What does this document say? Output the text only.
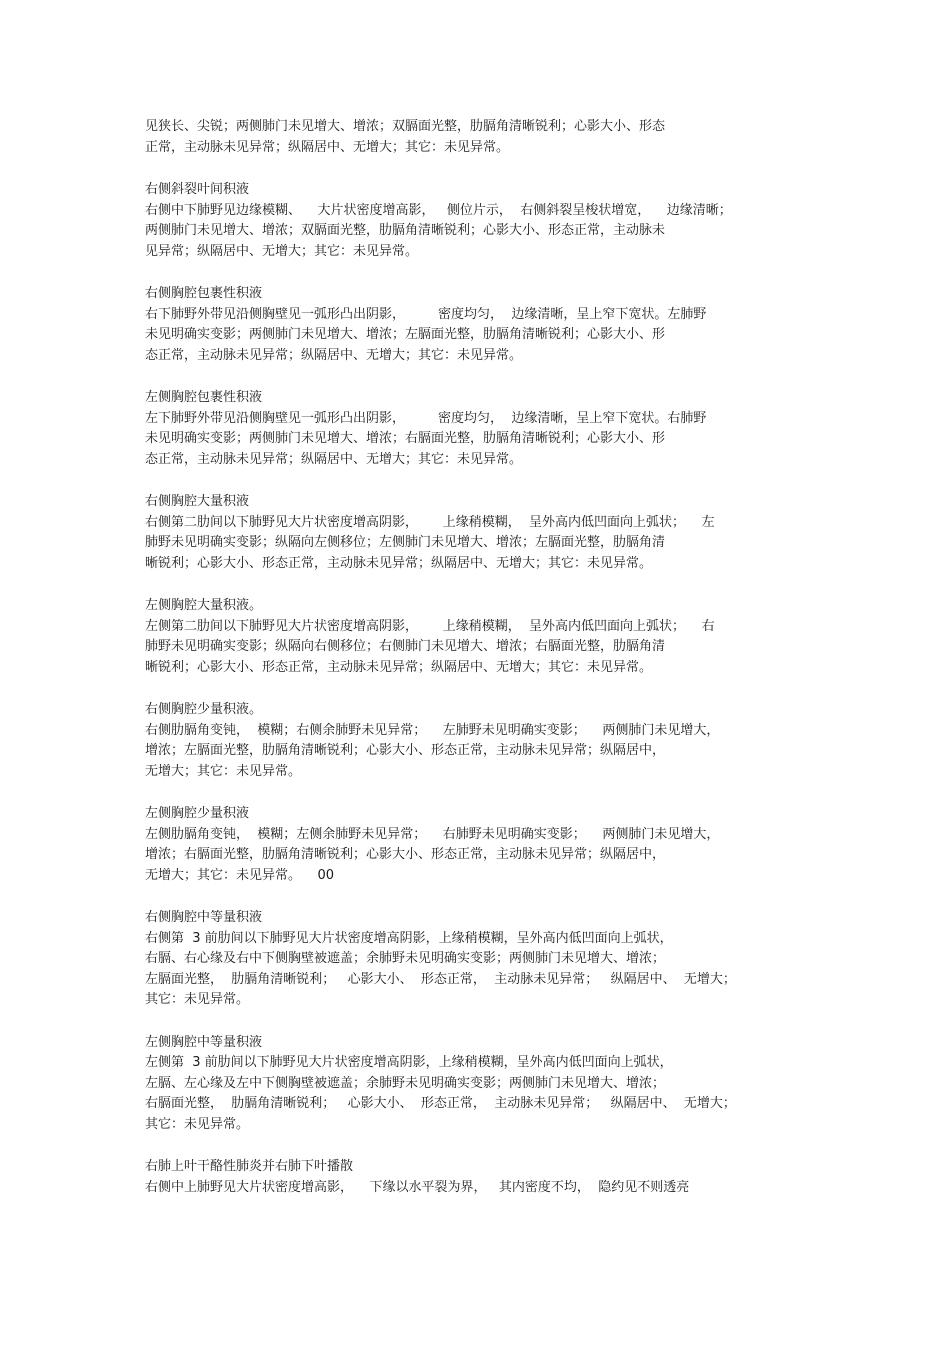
见狭长、尖锐；两侧肺门未见增大、增浓；双膈面光整，肋膈角清晰锐利；心影大小、形态
正常，主动脉未见异常；纵隔居中、无增大；其它：未见异常。
右侧斜裂叶间积液
右侧中下肺野见边缘模糊、    大片状密度增高影，   侧位片示，  右侧斜裂呈梭状增宽，    边缘清晰；
两侧肺门未见增大、增浓；双膈面光整，肋膈角清晰锐利；心影大小、形态正常，主动脉未
见异常；纵隔居中、无增大；其它：未见异常。
右侧胸腔包裹性积液
右下肺野外带见沿侧胸壁见一弧形凸出阴影，        密度均匀，  边缘清晰，呈上窄下宽状。左肺野
未见明确实变影；两侧肺门未见增大、增浓；左膈面光整，肋膈角清晰锐利；心影大小、形
态正常，主动脉未见异常；纵隔居中、无增大；其它：未见异常。
左侧胸腔包裹性积液
左下肺野外带见沿侧胸壁见一弧形凸出阴影，        密度均匀，  边缘清晰，呈上窄下宽状。右肺野
未见明确实变影；两侧肺门未见增大、增浓；右膈面光整，肋膈角清晰锐利；心影大小、形
态正常，主动脉未见异常；纵隔居中、无增大；其它：未见异常。
右侧胸腔大量积液
右侧第二肋间以下肺野见大片状密度增高阴影，      上缘稍模糊，  呈外高内低凹面向上弧状；    左
肺野未见明确实变影；纵隔向左侧移位；左侧肺门未见增大、增浓；左膈面光整，肋膈角清
晰锐利；心影大小、形态正常，主动脉未见异常；纵隔居中、无增大；其它：未见异常。
左侧胸腔大量积液。
左侧第二肋间以下肺野见大片状密度增高阴影，      上缘稍模糊，  呈外高内低凹面向上弧状；    右
肺野未见明确实变影；纵隔向右侧移位；右侧肺门未见增大、增浓；右膈面光整，肋膈角清
晰锐利；心影大小、形态正常，主动脉未见异常；纵隔居中、无增大；其它：未见异常。
右侧胸腔少量积液。
右侧肋膈角变钝，  模糊；右侧余肺野未见异常；    左肺野未见明确实变影；    两侧肺门未见增大，
增浓；左膈面光整，肋膈角清晰锐利；心影大小、形态正常，主动脉未见异常；纵隔居中，
无增大；其它：未见异常。
左侧胸腔少量积液
左侧肋膈角变钝，  模糊；左侧余肺野未见异常；    右肺野未见明确实变影；    两侧肺门未见增大，
增浓；右膈面光整，肋膈角清晰锐利；心影大小、形态正常，主动脉未见异常；纵隔居中，
无增大；其它：未见异常。    00
右侧胸腔中等量积液
右侧第  3 前肋间以下肺野见大片状密度增高阴影，上缘稍模糊，呈外高内低凹面向上弧状，
右膈、右心缘及右中下侧胸壁被遮盖；余肺野未见明确实变影；两侧肺门未见增大、增浓；
左膈面光整，  肋膈角清晰锐利；   心影大小、  形态正常，  主动脉未见异常；   纵隔居中、  无增大；
其它：未见异常。
左侧胸腔中等量积液
左侧第  3 前肋间以下肺野见大片状密度增高阴影，上缘稍模糊，呈外高内低凹面向上弧状，
左膈、左心缘及左中下侧胸壁被遮盖；余肺野未见明确实变影；两侧肺门未见增大、增浓；
右膈面光整，  肋膈角清晰锐利；   心影大小、  形态正常，  主动脉未见异常；   纵隔居中、  无增大；
其它：未见异常。
右肺上叶干酪性肺炎并右肺下叶播散
右侧中上肺野见大片状密度增高影，    下缘以水平裂为界，   其内密度不均，  隐约见不则透亮
